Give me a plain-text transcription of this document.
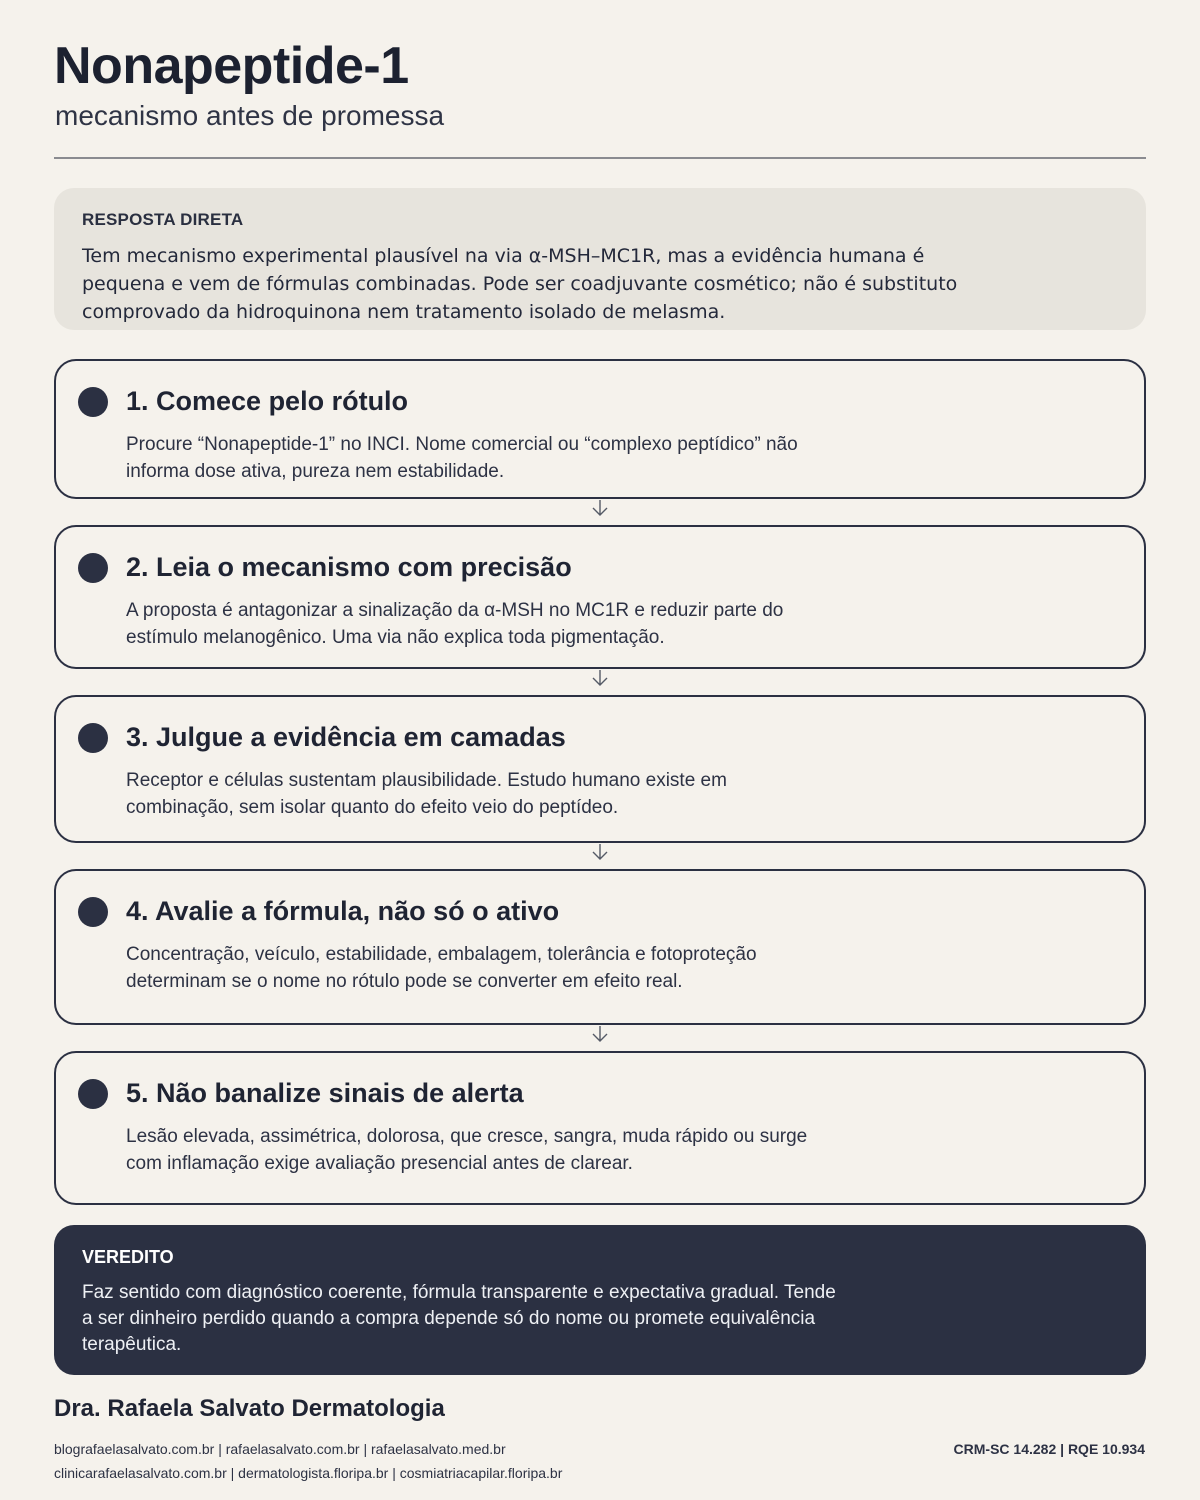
Nonapeptide-1
mecanismo antes de promessa
RESPOSTA DIRETA
Tem mecanismo experimental plausível na via α-MSH–MC1R, mas a evidência humana é pequena e vem de fórmulas combinadas. Pode ser coadjuvante cosmético; não é substituto comprovado da hidroquinona nem tratamento isolado de melasma.
1. Comece pelo rótulo
Procure “Nonapeptide-1” no INCI. Nome comercial ou “complexo peptídico” não informa dose ativa, pureza nem estabilidade.
2. Leia o mecanismo com precisão
A proposta é antagonizar a sinalização da α-MSH no MC1R e reduzir parte do estímulo melanogênico. Uma via não explica toda pigmentação.
3. Julgue a evidência em camadas
Receptor e células sustentam plausibilidade. Estudo humano existe em combinação, sem isolar quanto do efeito veio do peptídeo.
4. Avalie a fórmula, não só o ativo
Concentração, veículo, estabilidade, embalagem, tolerância e fotoproteção determinam se o nome no rótulo pode se converter em efeito real.
5. Não banalize sinais de alerta
Lesão elevada, assimétrica, dolorosa, que cresce, sangra, muda rápido ou surge com inflamação exige avaliação presencial antes de clarear.
VEREDITO
Faz sentido com diagnóstico coerente, fórmula transparente e expectativa gradual. Tende a ser dinheiro perdido quando a compra depende só do nome ou promete equivalência terapêutica.
Dra. Rafaela Salvato Dermatologia
blografaelasalvato.com.br | rafaelasalvato.com.br | rafaelasalvato.med.br
clinicarafaelasalvato.com.br | dermatologista.floripa.br | cosmiatriacapilar.floripa.br
CRM-SC 14.282 | RQE 10.934
